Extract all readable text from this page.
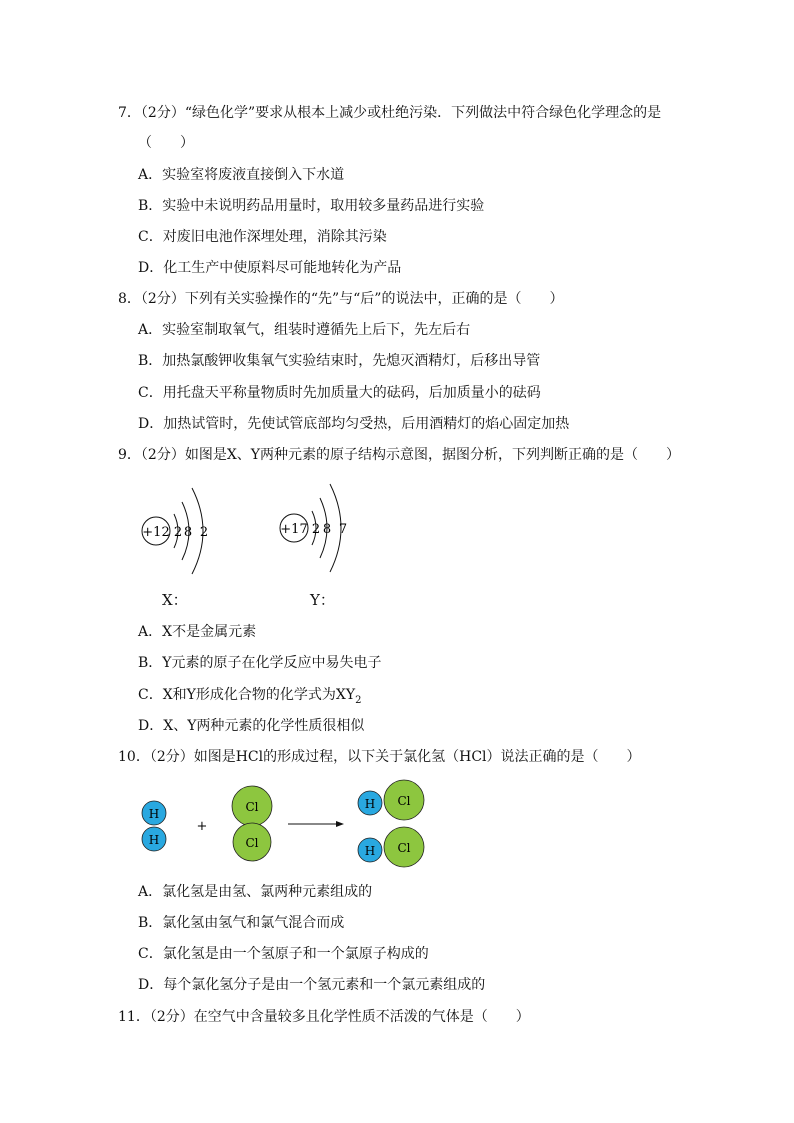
7．（2分）“绿色化学”要求从根本上减少或杜绝污染．下列做法中符合绿色化学理念的是
（　　）
A．实验室将废液直接倒入下水道
B．实验中未说明药品用量时，取用较多量药品进行实验
C．对废旧电池作深埋处理，消除其污染
D．化工生产中使原料尽可能地转化为产品
8．（2分）下列有关实验操作的“先”与“后”的说法中，正确的是（　　）
A．实验室制取氧气，组装时遵循先上后下，先左后右
B．加热氯酸钾收集氧气实验结束时，先熄灭酒精灯，后移出导管
C．用托盘天平称量物质时先加质量大的砝码，后加质量小的砝码
D．加热试管时，先使试管底部均匀受热，后用酒精灯的焰心固定加热
9．（2分）如图是X、Y两种元素的原子结构示意图，据图分析，下列判断正确的是（　　）
+12 2 8 2	+17 2 8 7
X：	Y：
A．X不是金属元素
B．Y元素的原子在化学反应中易失电子
C．X和Y形成化合物的化学式为$XY_2$
D．X、Y两种元素的化学性质很相似
10．（2分）如图是HCl的形成过程，以下关于氯化氢（HCl）说法正确的是（　　）
H
H
+
Cl
Cl
Cl
H
Cl
H
A．氯化氢是由氢、氯两种元素组成的
B．氯化氢由氢气和氯气混合而成
C．氯化氢是由一个氢原子和一个氯原子构成的
D．每个氯化氢分子是由一个氢元素和一个氯元素组成的
11．（2分）在空气中含量较多且化学性质不活泼的气体是（　　）
